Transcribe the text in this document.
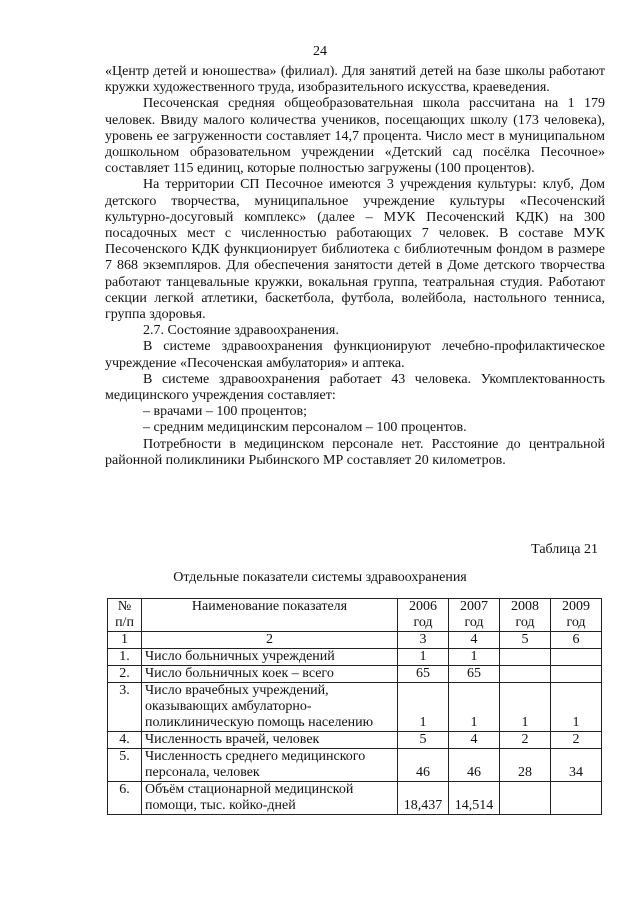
24

«Центр детей и юношества» (филиал). Для занятий детей на базе школы работают кружки художественного труда, изобразительного искусства, краеведения.

Песоченская средняя общеобразовательная школа рассчитана на 1 179 человек. Ввиду малого количества учеников, посещающих школу (173 человека), уровень ее загруженности составляет 14,7 процента. Число мест в муниципальном дошкольном образовательном учреждении «Детский сад посёлка Песочное» составляет 115 единиц, которые полностью загружены (100 процентов).

На территории СП Песочное имеются 3 учреждения культуры: клуб, Дом детского творчества, муниципальное учреждение культуры «Песоченский культурно-досуговый комплекс» (далее – МУК Песоченский КДК) на 300 посадочных мест с численностью работающих 7 человек. В составе МУК Песоченского КДК функционирует библиотека с библиотечным фондом в размере 7 868 экземпляров. Для обеспечения занятости детей в Доме детского творчества работают танцевальные кружки, вокальная группа, театральная студия. Работают секции легкой атлетики, баскетбола, футбола, волейбола, настольного тенниса, группа здоровья.

2.7. Состояние здравоохранения.

В системе здравоохранения функционируют лечебно-профилактическое учреждение «Песоченская амбулатория» и аптека.

В системе здравоохранения работает 43 человека. Укомплектованность медицинского учреждения составляет:

– врачами – 100 процентов;

– средним медицинским персоналом – 100 процентов.

Потребности в медицинском персонале нет. Расстояние до центральной районной поликлиники Рыбинского МР составляет 20 километров.

Таблица 21
Отдельные показатели системы здравоохранения
№ п/п	Наименование показателя	2006 год	2007 год	2008 год	2009 год
1	2	3	4	5	6
1.	Число больничных учреждений	1	1		
2.	Число больничных коек – всего	65	65		
3.	Число врачебных учреждений, оказывающих амбулаторно-поликлиническую помощь населению	1	1	1	1
4.	Численность врачей, человек	5	4	2	2
5.	Численность среднего медицинского персонала, человек	46	46	28	34
6.	Объём стационарной медицинской помощи, тыс. койко-дней	18,437	14,514		
